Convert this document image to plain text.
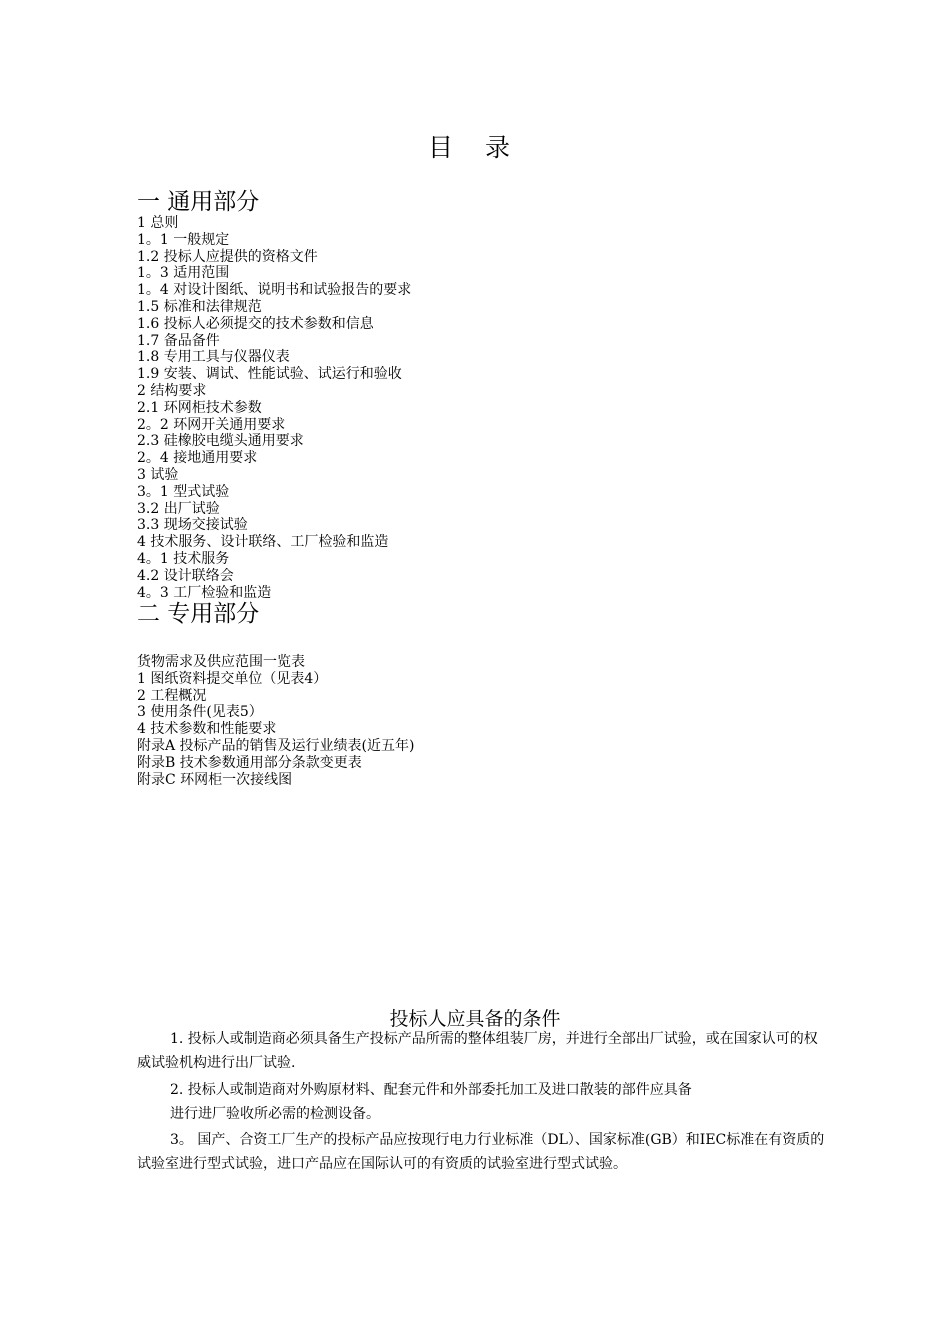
目 录
一 通用部分
1 总则
1。1 一般规定
1.2 投标人应提供的资格文件
1。3 适用范围
1。4 对设计图纸、说明书和试验报告的要求
1.5 标准和法律规范
1.6 投标人必须提交的技术参数和信息
1.7 备品备件
1.8 专用工具与仪器仪表
1.9 安装、调试、性能试验、试运行和验收
2 结构要求
2.1 环网柜技术参数
2。2 环网开关通用要求
2.3 硅橡胶电缆头通用要求
2。4 接地通用要求
3 试验
3。1 型式试验
3.2 出厂试验
3.3 现场交接试验
4 技术服务、设计联络、工厂检验和监造
4。1 技术服务
4.2 设计联络会
4。3 工厂检验和监造
二 专用部分
货物需求及供应范围一览表
1 图纸资料提交单位（见表4）
2 工程概况
3 使用条件(见表5）
4 技术参数和性能要求
附录A 投标产品的销售及运行业绩表(近五年)
附录B 技术参数通用部分条款变更表
附录C 环网柜一次接线图
投标人应具备的条件

1. 投标人或制造商必须具备生产投标产品所需的整体组装厂房，并进行全部出厂试验，或在国家认可的权威试验机构进行出厂试验.

2. 投标人或制造商对外购原材料、配套元件和外部委托加工及进口散装的部件应具备

进行进厂验收所必需的检测设备。

3。 国产、合资工厂生产的投标产品应按现行电力行业标准（DL）、国家标准(GB）和IEC标准在有资质的试验室进行型式试验，进口产品应在国际认可的有资质的试验室进行型式试验。
